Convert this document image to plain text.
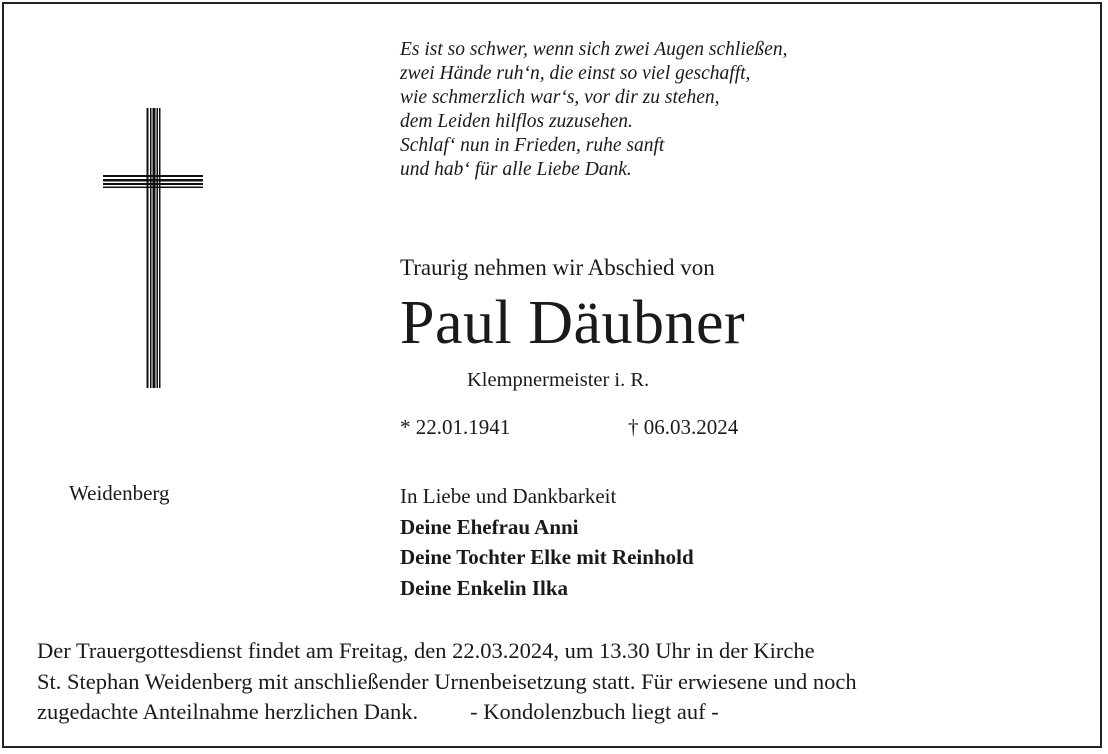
Es ist so schwer, wenn sich zwei Augen schließen,
zwei Hände ruh‘n, die einst so viel geschafft,
wie schmerzlich war‘s, vor dir zu stehen,
dem Leiden hilflos zuzusehen.
Schlaf‘ nun in Frieden, ruhe sanft
und hab‘ für alle Liebe Dank.
Traurig nehmen wir Abschied von
Paul Däubner
Klempnermeister i. R.
* 22.01.1941	† 06.03.2024
Weidenberg	In Liebe und Dankbarkeit
Deine Ehefrau Anni
Deine Tochter Elke mit Reinhold
Deine Enkelin Ilka
Der Trauergottesdienst findet am Freitag, den 22.03.2024, um 13.30 Uhr in der Kirche
St. Stephan Weidenberg mit anschließender Urnenbeisetzung statt. Für erwiesene und noch
zugedachte Anteilnahme herzlichen Dank. - Kondolenzbuch liegt auf -
